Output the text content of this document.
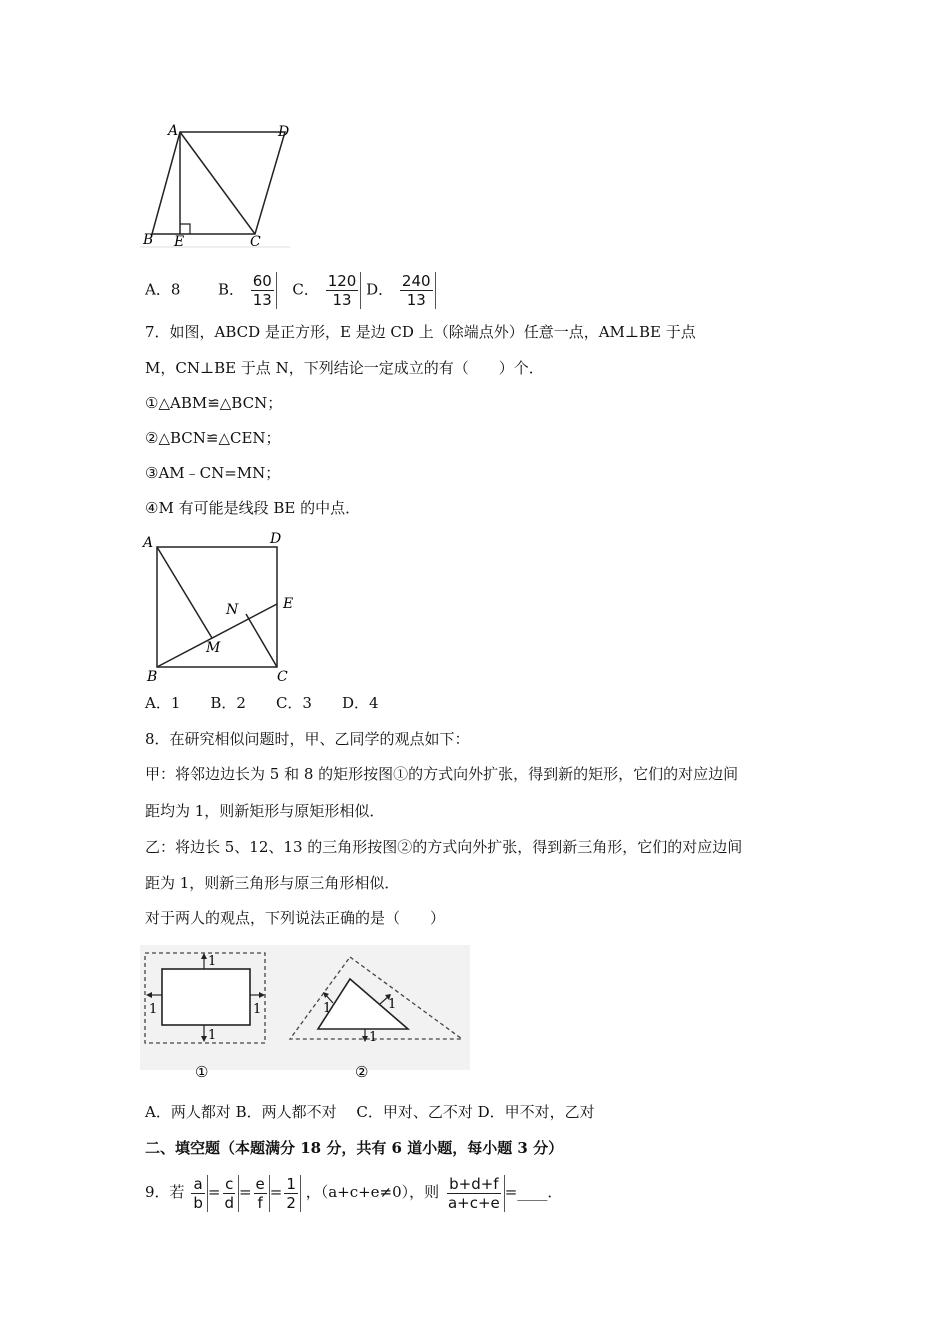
A	D
B E	C
A．8	B． $\frac{60}{13}$ C． $\frac{120}{13}$ D． $\frac{240}{13}$
7．如图，ABCD 是正方形，E 是边 CD 上（除端点外）任意一点，AM⊥BE 于点
M，CN⊥BE 于点 N，下列结论一定成立的有（　　）个．
①△ABM≌△BCN；
②△BCN≌△CEN；
③AM﹣CN=MN；
④M 有可能是线段 BE 的中点．
A	D
E
N
M
B	C
A．1　　B．2　　C．3　　D．4
8．在研究相似问题时，甲、乙同学的观点如下：
甲：将邻边边长为 5 和 8 的矩形按图①的方式向外扩张，得到新的矩形，它们的对应边间
距均为 1，则新矩形与原矩形相似．
乙：将边长 5、12、13 的三角形按图②的方式向外扩张，得到新三角形，它们的对应边间
距为 1，则新三角形与原三角形相似．
对于两人的观点，下列说法正确的是（　　）
1
1
1	1	1	1
1
①	②
A．两人都对 B．两人都不对　 C．甲对、乙不对 D．甲不对，乙对
二、填空题（本题满分 18 分，共有 6 道小题，每小题 3 分）
9．若 $\frac{a}{b} = \frac{c}{d} = \frac{e}{f} = \frac{1}{2}$ ，（a+c+e≠0），则 $\frac{b+d+f}{a+c+e}$ =____．
